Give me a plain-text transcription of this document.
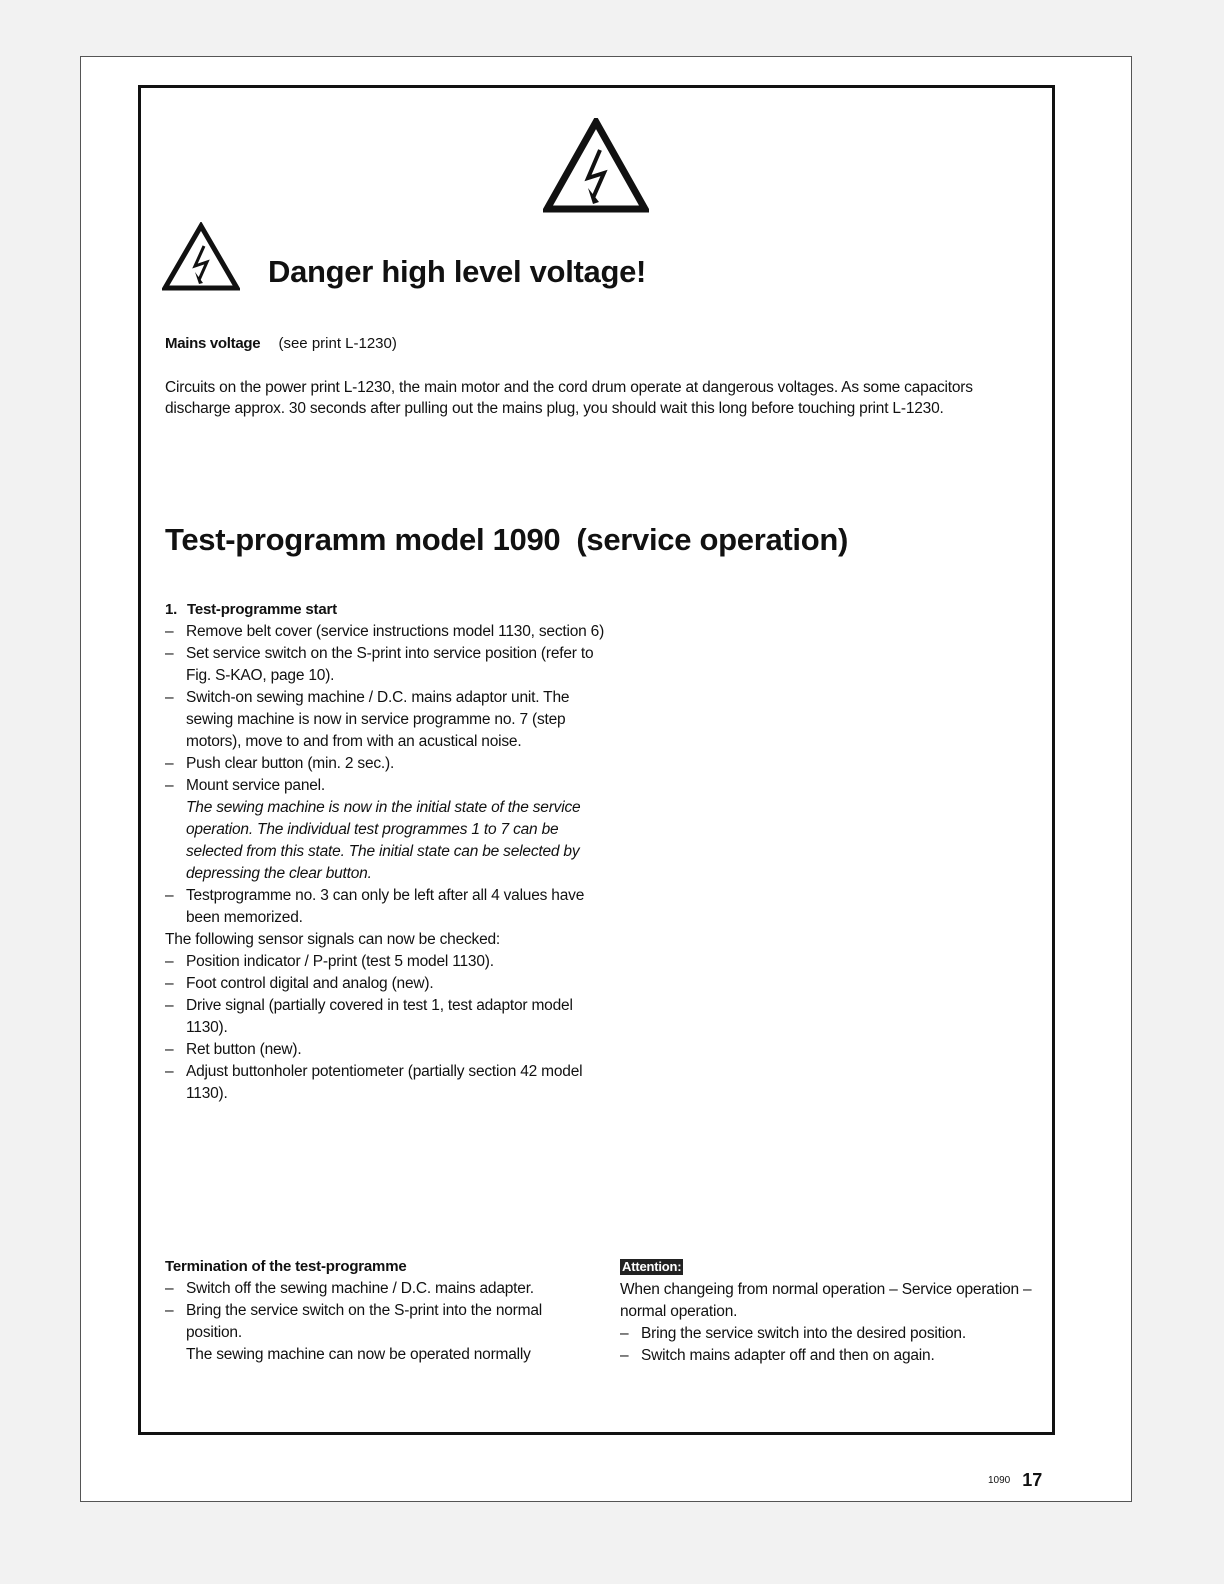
Danger high level voltage!
Mains voltage (see print L-1230)

Circuits on the power print L-1230, the main motor and the cord drum operate at dangerous voltages. As some capacitors discharge approx. 30 seconds after pulling out the mains plug, you should wait this long before touching print L-1230.

Test-programm model 1090 (service operation)
1. Test-programme start
– Remove belt cover (service instructions model 1130, section 6)
– Set service switch on the S-print into service position (refer to Fig. S-KAO, page 10).
– Switch-on sewing machine / D.C. mains adaptor unit. The sewing machine is now in service programme no. 7 (step motors), move to and from with an acustical noise.
– Push clear button (min. 2 sec.).
– Mount service panel.
The sewing machine is now in the initial state of the service operation. The individual test programmes 1 to 7 can be selected from this state. The initial state can be selected by depressing the clear button.
– Testprogramme no. 3 can only be left after all 4 values have been memorized.
The following sensor signals can now be checked:
– Position indicator / P-print (test 5 model 1130).
– Foot control digital and analog (new).
– Drive signal (partially covered in test 1, test adaptor model 1130).
– Ret button (new).
– Adjust buttonholer potentiometer (partially section 42 model 1130).
Termination of the test-programme
– Switch off the sewing machine / D.C. mains adapter.
– Bring the service switch on the S-print into the normal position.
The sewing machine can now be operated normally
Attention:
When changeing from normal operation – Service operation – normal operation.
– Bring the service switch into the desired position.
– Switch mains adapter off and then on again.
1090 17
